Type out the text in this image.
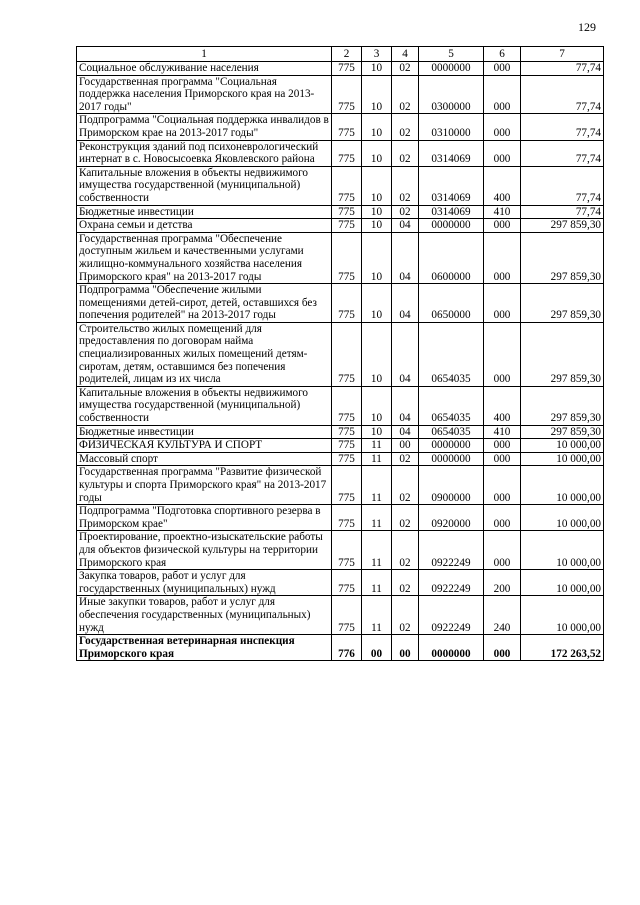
129
1	2	3	4	5	6	7
Социальное обслуживание населения	775	10	02	0000000	000	77,74
Государственная программа "Социальная поддержка населения Приморского края на 2013-2017 годы"	775	10	02	0300000	000	77,74
Подпрограмма "Социальная поддержка инвалидов в Приморском крае на 2013-2017 годы"	775	10	02	0310000	000	77,74
Реконструкция зданий под психоневрологический интернат в с. Новосысоевка Яковлевского района	775	10	02	0314069	000	77,74
Капитальные вложения в объекты недвижимого имущества государственной (муниципальной) собственности	775	10	02	0314069	400	77,74
Бюджетные инвестиции	775	10	02	0314069	410	77,74
Охрана семьи и детства	775	10	04	0000000	000	297 859,30
Государственная программа "Обеспечение доступным жильем и качественными услугами жилищно-коммунального хозяйства населения Приморского края" на 2013-2017 годы	775	10	04	0600000	000	297 859,30
Подпрограмма "Обеспечение жилыми помещениями детей-сирот, детей, оставшихся без попечения родителей" на 2013-2017 годы	775	10	04	0650000	000	297 859,30
Строительство жилых помещений для предоставления по договорам найма специализированных жилых помещений детям-сиротам, детям, оставшимся без попечения родителей, лицам из их числа	775	10	04	0654035	000	297 859,30
Капитальные вложения в объекты недвижимого имущества государственной (муниципальной) собственности	775	10	04	0654035	400	297 859,30
Бюджетные инвестиции	775	10	04	0654035	410	297 859,30
ФИЗИЧЕСКАЯ КУЛЬТУРА И СПОРТ	775	11	00	0000000	000	10 000,00
Массовый спорт	775	11	02	0000000	000	10 000,00
Государственная программа "Развитие физической культуры и спорта Приморского края" на 2013-2017 годы	775	11	02	0900000	000	10 000,00
Подпрограмма "Подготовка спортивного резерва в Приморском крае"	775	11	02	0920000	000	10 000,00
Проектирование, проектно-изыскательские работы для объектов физической культуры на территории Приморского края	775	11	02	0922249	000	10 000,00
Закупка товаров, работ и услуг для государственных (муниципальных) нужд	775	11	02	0922249	200	10 000,00
Иные закупки товаров, работ и услуг для обеспечения государственных (муниципальных) нужд	775	11	02	0922249	240	10 000,00
Государственная ветеринарная инспекция Приморского края	776	00	00	0000000	000	172 263,52
